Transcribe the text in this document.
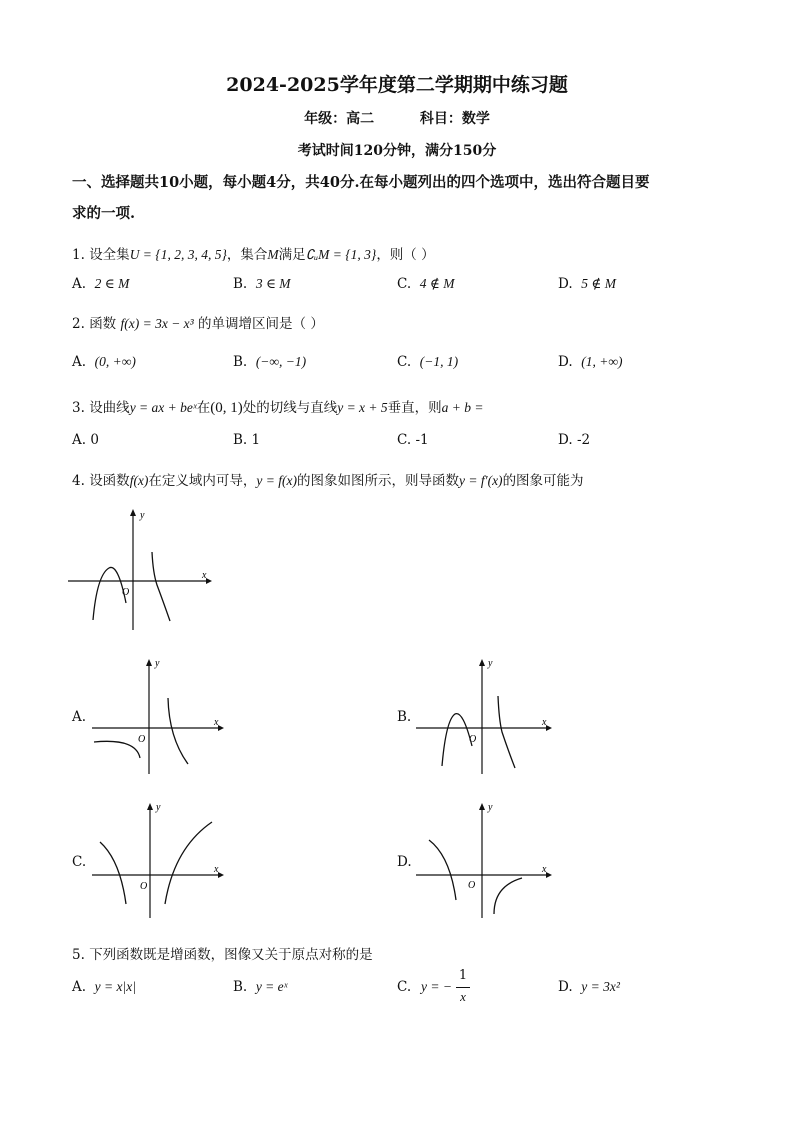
2024-2025学年度第二学期期中练习题
年级：高二	科目：数学
考试时间120分钟，满分150分
一、选择题共10小题，每小题4分，共40分.在每小题列出的四个选项中，选出符合题目要
求的一项.
1. 设全集U = {1, 2, 3, 4, 5}，集合M满足∁ᵤM = {1, 3}，则（ ）
A. 2 ∈ M	B. 3 ∈ M	C. 4 ∉ M	D. 5 ∉ M
2. 函数 f(x) = 3x − x³ 的单调增区间是（ ）
A. (0, +∞)	B. (−∞, −1)	C. (−1, 1)	D. (1, +∞)
3. 设曲线y = ax + beˣ在(0, 1)处的切线与直线y = x + 5垂直，则a + b =
A. 0	B. 1	C. -1	D. -2
4. 设函数f(x)在定义域内可导，y = f(x)的图象如图所示，则导函数y = f′(x)的图象可能为
x
y
O
A.	x
y
O
B.	x
y
O
C.	x
y
O
D.	x
y
O
5. 下列函数既是增函数，图像又关于原点对称的是
A. y = x|x|	B. y = eˣ	C. y = −
1
x
D. y = 3x²
